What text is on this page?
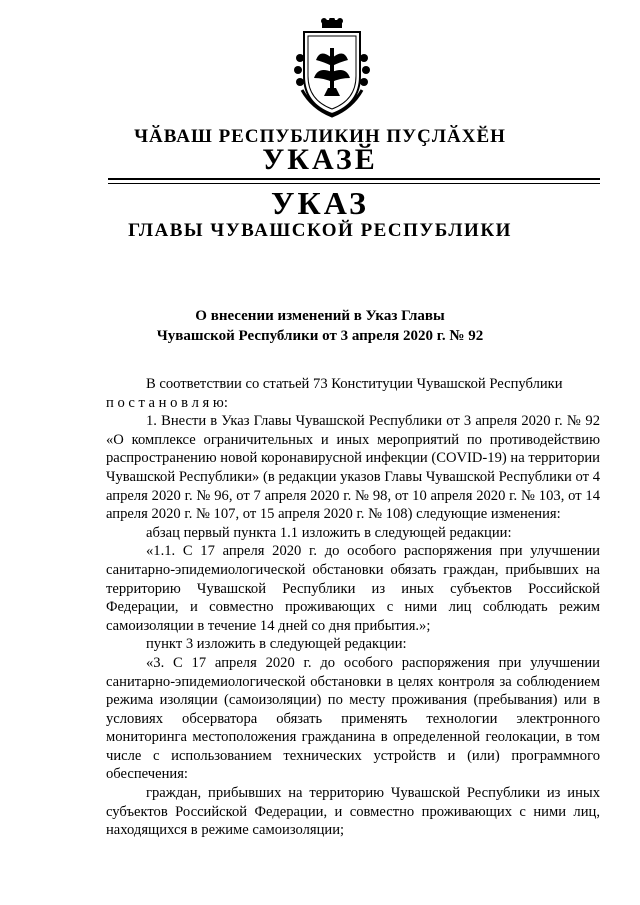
ЧӐВАШ РЕСПУБЛИКИН ПУҪЛӐХӖН
УКАЗӖ
УКАЗ
ГЛАВЫ ЧУВАШСКОЙ РЕСПУБЛИКИ
О внесении изменений в Указ Главы
Чувашской Республики от 3 апреля 2020 г. № 92

В соответствии со статьей 73 Конституции Чувашской Республики

п о с т а н о в л я ю:

1. Внести в Указ Главы Чувашской Республики от 3 апреля 2020 г. № 92 «О комплексе ограничительных и иных мероприятий по противодействию распространению новой коронавирусной инфекции (COVID-19) на территории Чувашской Республики» (в редакции указов Главы Чувашской Республики от 4 апреля 2020 г. № 96, от 7 апреля 2020 г. № 98, от 10 апреля 2020 г. № 103, от 14 апреля 2020 г. № 107, от 15 апреля 2020 г. № 108) следующие изменения:

абзац первый пункта 1.1 изложить в следующей редакции:

«1.1. С 17 апреля 2020 г. до особого распоряжения при улучшении санитарно-эпидемиологической обстановки обязать граждан, прибывших на территорию Чувашской Республики из иных субъектов Российской Федерации, и совместно проживающих с ними лиц соблюдать режим самоизоляции в течение 14 дней со дня прибытия.»;

пункт 3 изложить в следующей редакции:

«3. С 17 апреля 2020 г. до особого распоряжения при улучшении санитарно-эпидемиологической обстановки в целях контроля за соблюдением режима изоляции (самоизоляции) по месту проживания (пребывания) или в условиях обсерватора обязать применять технологии электронного мониторинга местоположения гражданина в определенной геолокации, в том числе с использованием технических устройств и (или) программного обеспечения:

граждан, прибывших на территорию Чувашской Республики из иных субъектов Российской Федерации, и совместно проживающих с ними лиц, находящихся в режиме самоизоляции;
